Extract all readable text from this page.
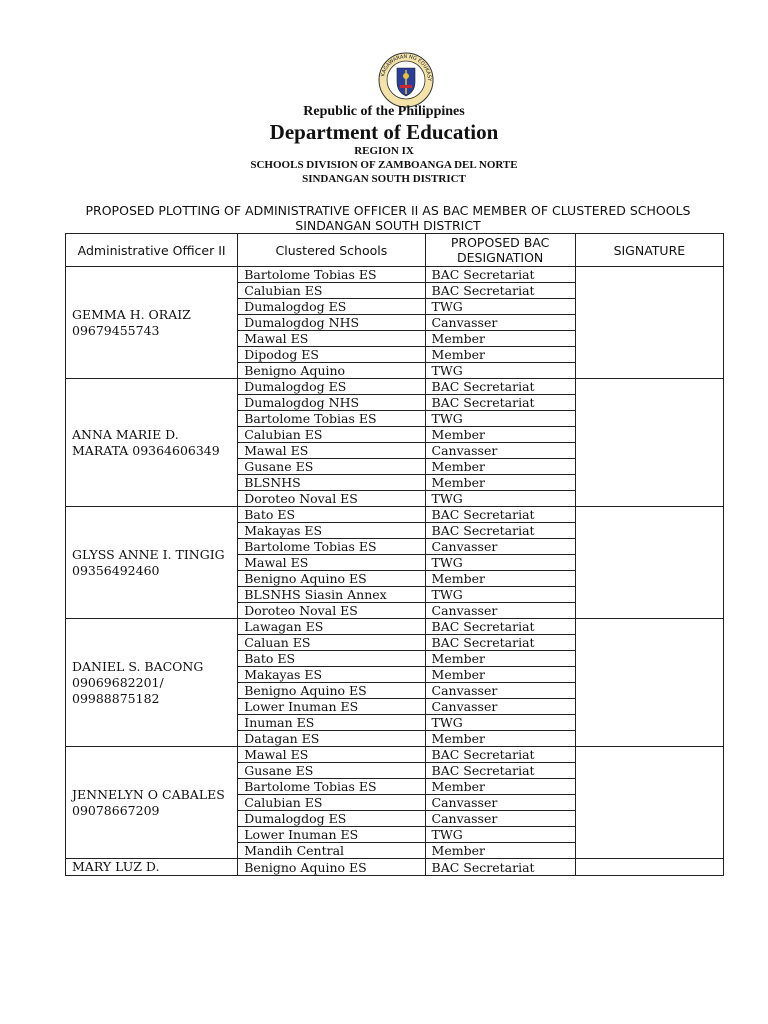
KAGAWARAN NG EDUKASY
Republic of the Philippines
Department of Education
REGION IX
SCHOOLS DIVISION OF ZAMBOANGA DEL NORTE
SINDANGAN SOUTH DISTRICT
PROPOSED PLOTTING OF ADMINISTRATIVE OFFICER II AS BAC MEMBER OF CLUSTERED SCHOOLS
SINDANGAN SOUTH DISTRICT
Administrative Officer II	Clustered Schools	PROPOSED BAC DESIGNATION	SIGNATURE
GEMMA H. ORAIZ 09679455743	Bartolome Tobias ES	BAC Secretariat	
	Calubian ES	BAC Secretariat	
	Dumalogdog ES	TWG	
	Dumalogdog NHS	Canvasser	
	Mawal ES	Member	
	Dipodog ES	Member	
	Benigno Aquino	TWG	
ANNA MARIE D. MARATA 09364606349	Dumalogdog ES	BAC Secretariat	
	Dumalogdog NHS	BAC Secretariat	
	Bartolome Tobias ES	TWG	
	Calubian ES	Member	
	Mawal ES	Canvasser	
	Gusane ES	Member	
	BLSNHS	Member	
	Doroteo Noval ES	TWG	
GLYSS ANNE I. TINGIG 09356492460	Bato ES	BAC Secretariat	
	Makayas ES	BAC Secretariat	
	Bartolome Tobias ES	Canvasser	
	Mawal ES	TWG	
	Benigno Aquino ES	Member	
	BLSNHS Siasin Annex	TWG	
	Doroteo Noval ES	Canvasser	
DANIEL S. BACONG 09069682201/ 09988875182	Lawagan ES	BAC Secretariat	
	Caluan ES	BAC Secretariat	
	Bato ES	Member	
	Makayas ES	Member	
	Benigno Aquino ES	Canvasser	
	Lower Inuman ES	Canvasser	
	Inuman ES	TWG	
	Datagan ES	Member	
JENNELYN O CABALES 09078667209	Mawal ES	BAC Secretariat	
	Gusane ES	BAC Secretariat	
	Bartolome Tobias ES	Member	
	Calubian ES	Canvasser	
	Dumalogdog ES	Canvasser	
	Lower Inuman ES	TWG	
	Mandih Central	Member	
MARY LUZ D.	Benigno Aquino ES	BAC Secretariat	
